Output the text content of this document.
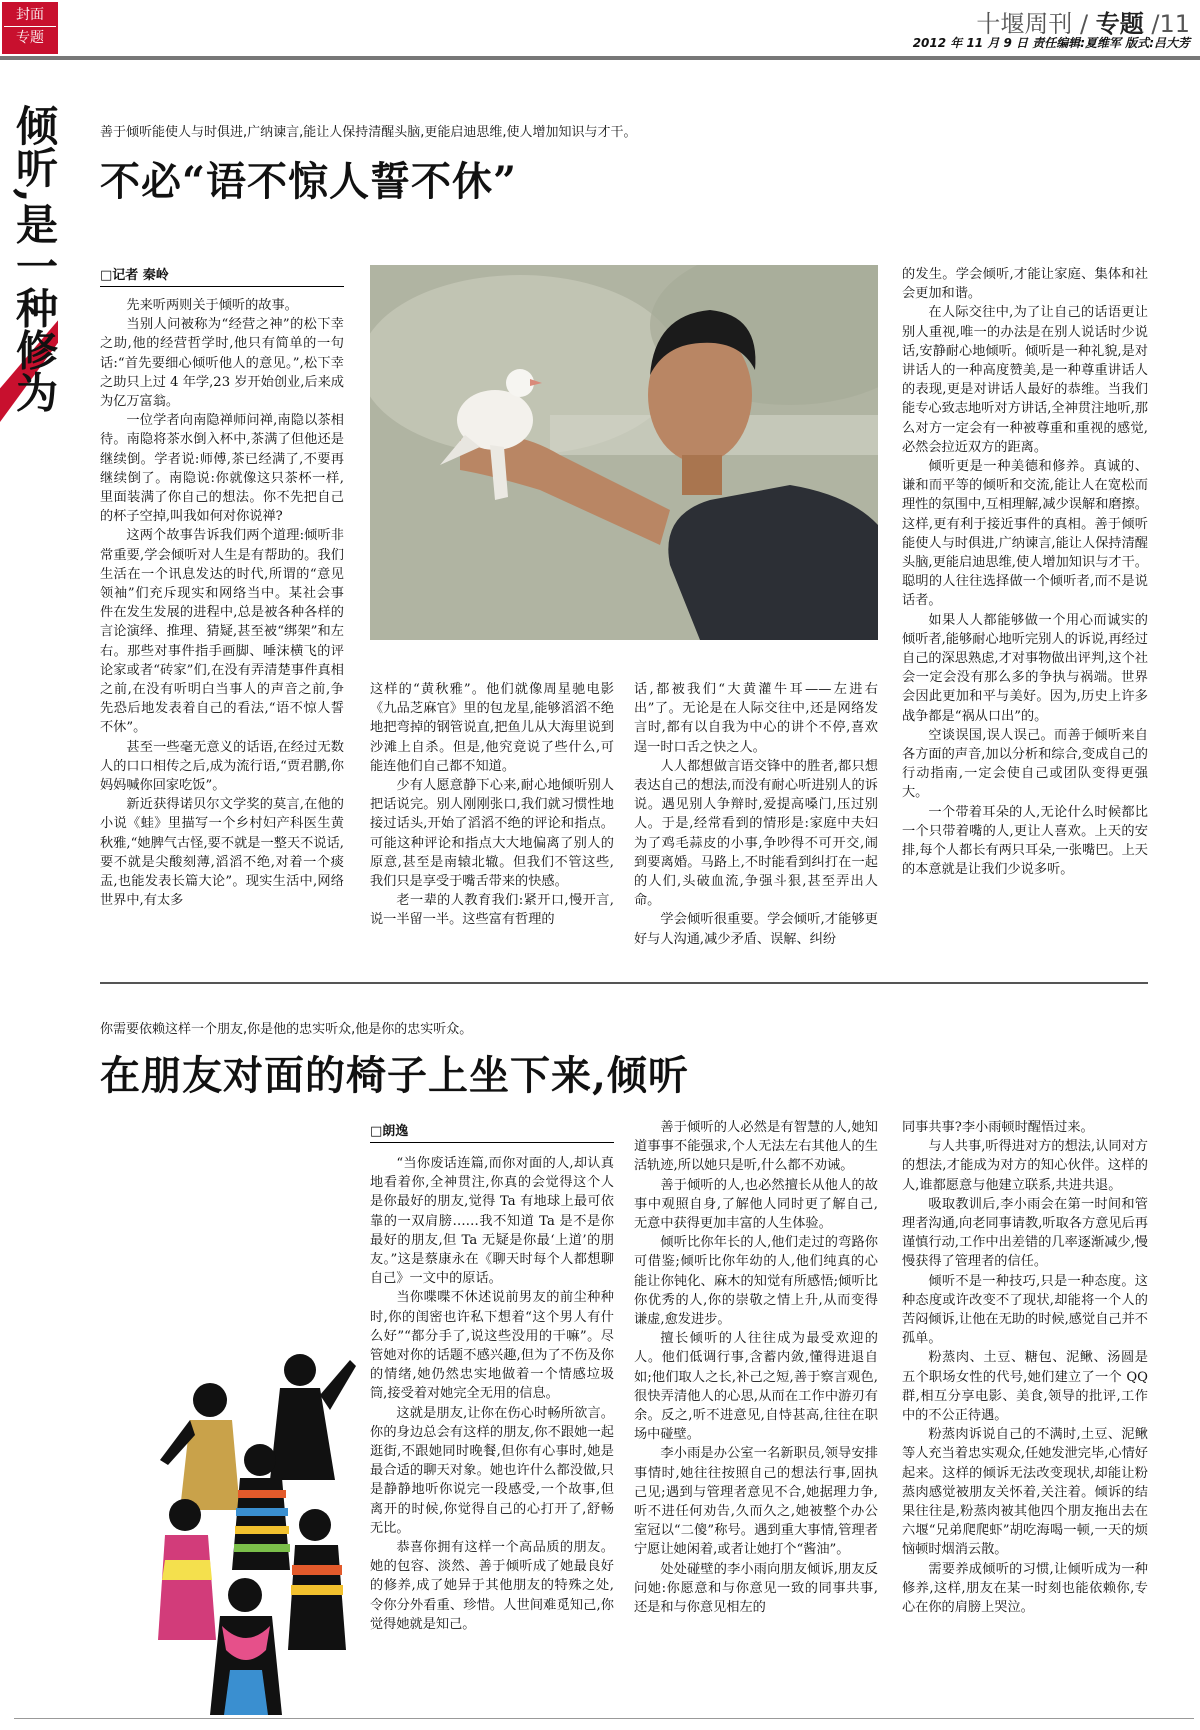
封面
专题	十堰周刊 / 专题 /11
2012 年 11 月 9 日 责任编辑:夏维军 版式:吕大芳
倾听,是一种修为	善于倾听能使人与时俱进,广纳谏言,能让人保持清醒头脑,更能启迪思维,使人增加知识与才干。
不必“语不惊人誓不休”
□记者 秦岭

先来听两则关于倾听的故事。

当别人问被称为“经营之神”的松下幸之助,他的经营哲学时,他只有简单的一句话:“首先要细心倾听他人的意见。”,松下幸之助只上过 4 年学,23 岁开始创业,后来成为亿万富翁。

一位学者向南隐禅师问禅,南隐以茶相待。南隐将茶水倒入杯中,茶满了但他还是继续倒。学者说:师傅,茶已经满了,不要再继续倒了。南隐说:你就像这只茶杯一样,里面装满了你自己的想法。你不先把自己的杯子空掉,叫我如何对你说禅?

这两个故事告诉我们两个道理:倾听非常重要,学会倾听对人生是有帮助的。我们生活在一个讯息发达的时代,所谓的“意见领袖”们充斥现实和网络当中。某社会事件在发生发展的进程中,总是被各种各样的言论演绎、推理、猜疑,甚至被“绑架”和左右。那些对事件指手画脚、唾沫横飞的评论家或者“砖家”们,在没有弄清楚事件真相之前,在没有听明白当事人的声音之前,争先恐后地发表着自己的看法,“语不惊人誓不休”。

甚至一些毫无意义的话语,在经过无数人的口口相传之后,成为流行语,“贾君鹏,你妈妈喊你回家吃饭”。

新近获得诺贝尔文学奖的莫言,在他的小说《蛙》里描写一个乡村妇产科医生黄秋雅,“她脾气古怪,要不就是一整天不说话,要不就是尖酸刻薄,滔滔不绝,对着一个痰盂,也能发表长篇大论”。现实生活中,网络世界中,有太多

这样的“黄秋雅”。他们就像周星驰电影《九品芝麻官》里的包龙星,能够滔滔不绝地把弯掉的钢管说直,把鱼儿从大海里说到沙滩上自杀。但是,他究竟说了些什么,可能连他们自己都不知道。

少有人愿意静下心来,耐心地倾听别人把话说完。别人刚刚张口,我们就习惯性地接过话头,开始了滔滔不绝的评论和指点。可能这种评论和指点大大地偏离了别人的原意,甚至是南辕北辙。但我们不管这些,我们只是享受于嘴舌带来的快感。

老一辈的人教育我们:紧开口,慢开言,说一半留一半。这些富有哲理的

话,都被我们“大黄灌牛耳——左进右出”了。无论是在人际交往中,还是网络发言时,都有以自我为中心的讲个不停,喜欢逞一时口舌之快之人。

人人都想做言语交锋中的胜者,都只想表达自己的想法,而没有耐心听进别人的诉说。遇见别人争辩时,爱提高嗓门,压过别人。于是,经常看到的情形是:家庭中夫妇为了鸡毛蒜皮的小事,争吵得不可开交,闹到要离婚。马路上,不时能看到纠打在一起的人们,头破血流,争强斗狠,甚至弄出人命。

学会倾听很重要。学会倾听,才能够更好与人沟通,减少矛盾、误解、纠纷

的发生。学会倾听,才能让家庭、集体和社会更加和谐。

在人际交往中,为了让自己的话语更让别人重视,唯一的办法是在别人说话时少说话,安静耐心地倾听。倾听是一种礼貌,是对讲话人的一种高度赞美,是一种尊重讲话人的表现,更是对讲话人最好的恭维。当我们能专心致志地听对方讲话,全神贯注地听,那么对方一定会有一种被尊重和重视的感觉,必然会拉近双方的距离。

倾听更是一种美德和修养。真诚的、谦和而平等的倾听和交流,能让人在宽松而理性的氛围中,互相理解,减少误解和磨擦。这样,更有利于接近事件的真相。善于倾听能使人与时俱进,广纳谏言,能让人保持清醒头脑,更能启迪思维,使人增加知识与才干。聪明的人往往选择做一个倾听者,而不是说话者。

如果人人都能够做一个用心而诚实的倾听者,能够耐心地听完别人的诉说,再经过自己的深思熟虑,才对事物做出评判,这个社会一定会没有那么多的争执与祸端。世界会因此更加和平与美好。因为,历史上许多战争都是“祸从口出”的。

空谈误国,误人误己。而善于倾听来自各方面的声音,加以分析和综合,变成自己的行动指南,一定会使自己或团队变得更强大。

一个带着耳朵的人,无论什么时候都比一个只带着嘴的人,更让人喜欢。上天的安排,每个人都长有两只耳朵,一张嘴巴。上天的本意就是让我们少说多听。

你需要依赖这样一个朋友,你是他的忠实听众,他是你的忠实听众。
在朋友对面的椅子上坐下来,倾听
□朗逸

“当你废话连篇,而你对面的人,却认真地看着你,全神贯注,你真的会觉得这个人是你最好的朋友,觉得 Ta 有地球上最可依靠的一双肩膀……我不知道 Ta 是不是你最好的朋友,但 Ta 无疑是你最‘上道’的朋友。”这是蔡康永在《聊天时每个人都想聊自己》一文中的原话。

当你喋喋不休述说前男友的前尘种种时,你的闺密也许私下想着“这个男人有什么好”“都分手了,说这些没用的干嘛”。尽管她对你的话题不感兴趣,但为了不伤及你的情绪,她仍然忠实地做着一个情感垃圾筒,接受着对她完全无用的信息。

这就是朋友,让你在伤心时畅所欲言。你的身边总会有这样的朋友,你不跟她一起逛街,不跟她同时晚餐,但你有心事时,她是最合适的聊天对象。她也许什么都没做,只是静静地听你说完一段感受,一个故事,但离开的时候,你觉得自己的心打开了,舒畅无比。

恭喜你拥有这样一个高品质的朋友。她的包容、淡然、善于倾听成了她最良好的修养,成了她异于其他朋友的特殊之处,令你分外看重、珍惜。人世间难觅知己,你觉得她就是知己。

善于倾听的人必然是有智慧的人,她知道事事不能强求,个人无法左右其他人的生活轨迹,所以她只是听,什么都不劝诫。

善于倾听的人,也必然擅长从他人的故事中观照自身,了解他人同时更了解自己,无意中获得更加丰富的人生体验。

倾听比你年长的人,他们走过的弯路你可借鉴;倾听比你年幼的人,他们纯真的心能让你钝化、麻木的知觉有所感悟;倾听比你优秀的人,你的崇敬之情上升,从而变得谦虚,愈发进步。

擅长倾听的人往往成为最受欢迎的人。他们低调行事,含蓄内敛,懂得进退自如;他们取人之长,补己之短,善于察言观色,很快弄清他人的心思,从而在工作中游刃有余。反之,听不进意见,自恃甚高,往往在职场中碰壁。

李小雨是办公室一名新职员,领导安排事情时,她往往按照自己的想法行事,固执己见;遇到与管理者意见不合,她据理力争,听不进任何劝告,久而久之,她被整个办公室冠以“二傻”称号。遇到重大事情,管理者宁愿让她闲着,或者让她打个“酱油”。

处处碰壁的李小雨向朋友倾诉,朋友反问她:你愿意和与你意见一致的同事共事,还是和与你意见相左的

同事共事?李小雨顿时醒悟过来。

与人共事,听得进对方的想法,认同对方的想法,才能成为对方的知心伙伴。这样的人,谁都愿意与他建立联系,共进共退。

吸取教训后,李小雨会在第一时间和管理者沟通,向老同事请教,听取各方意见后再谨慎行动,工作中出差错的几率逐渐减少,慢慢获得了管理者的信任。

倾听不是一种技巧,只是一种态度。这种态度或许改变不了现状,却能将一个人的苦闷倾诉,让他在无助的时候,感觉自己并不孤单。

粉蒸肉、土豆、糖包、泥鳅、汤圆是五个职场女性的代号,她们建立了一个 QQ 群,相互分享电影、美食,领导的批评,工作中的不公正待遇。

粉蒸肉诉说自己的不满时,土豆、泥鳅等人充当着忠实观众,任她发泄完毕,心情好起来。这样的倾诉无法改变现状,却能让粉蒸肉感觉被朋友关怀着,关注着。倾诉的结果往往是,粉蒸肉被其他四个朋友拖出去在六堰“兄弟爬爬虾”胡吃海喝一顿,一天的烦恼顿时烟消云散。

需要养成倾听的习惯,让倾听成为一种修养,这样,朋友在某一时刻也能依赖你,专心在你的肩膀上哭泣。
